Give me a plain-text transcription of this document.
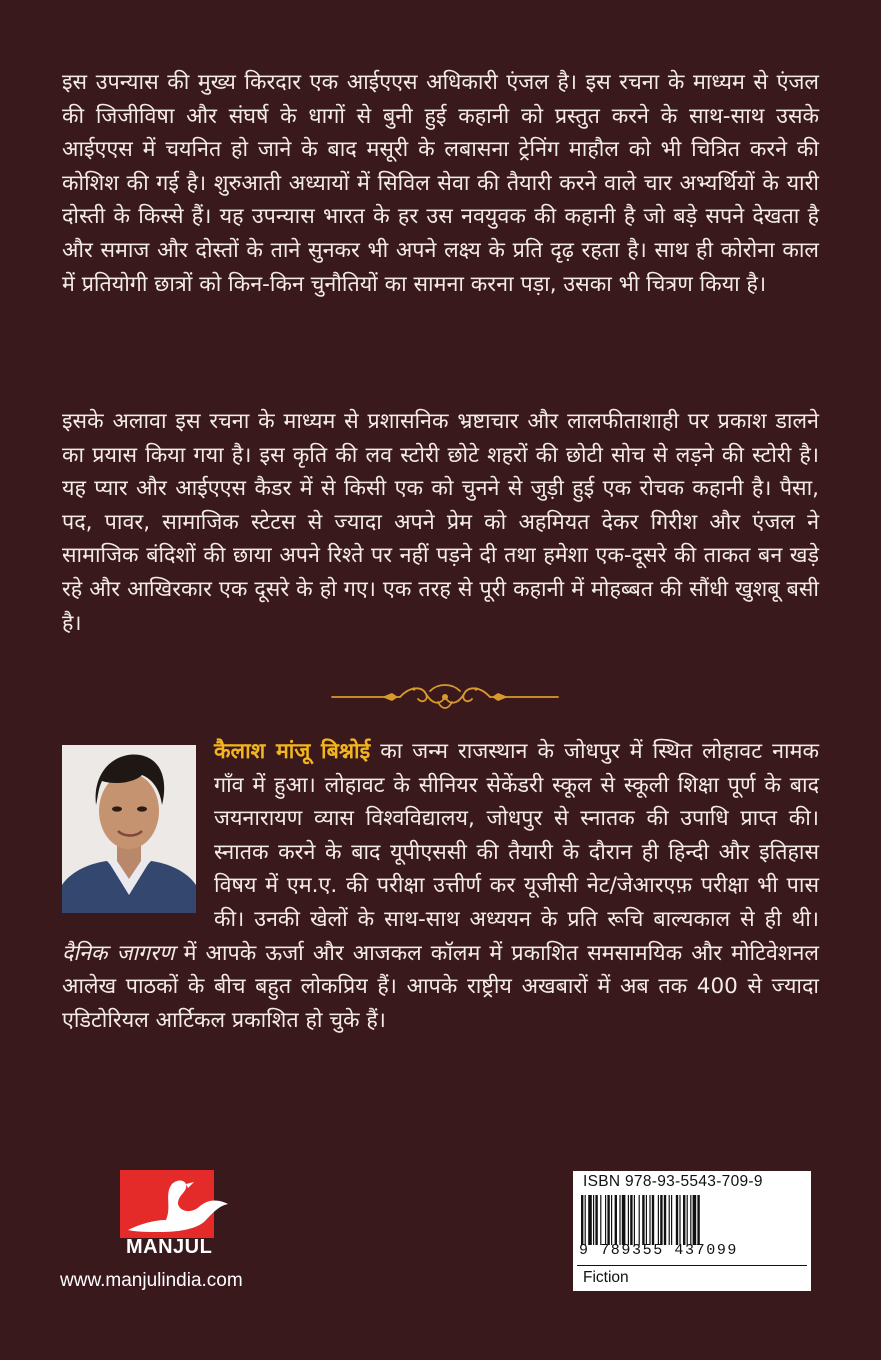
इस उपन्यास की मुख्य किरदार एक आईएएस अधिकारी एंजल है। इस रचना के माध्यम से एंजल की जिजीविषा और संघर्ष के धागों से बुनी हुई कहानी को प्रस्तुत करने के साथ-साथ उसके आईएएस में चयनित हो जाने के बाद मसूरी के लबासना ट्रेनिंग माहौल को भी चित्रित करने की कोशिश की गई है। शुरुआती अध्यायों में सिविल सेवा की तैयारी करने वाले चार अभ्यर्थियों के यारी दोस्ती के किस्से हैं। यह उपन्यास भारत के हर उस नवयुवक की कहानी है जो बड़े सपने देखता है और समाज और दोस्तों के ताने सुनकर भी अपने लक्ष्य के प्रति दृढ़ रहता है। साथ ही कोरोना काल में प्रतियोगी छात्रों को किन-किन चुनौतियों का सामना करना पड़ा, उसका भी चित्रण किया है।

इसके अलावा इस रचना के माध्यम से प्रशासनिक भ्रष्टाचार और लालफीताशाही पर प्रकाश डालने का प्रयास किया गया है। इस कृति की लव स्टोरी छोटे शहरों की छोटी सोच से लड़ने की स्टोरी है। यह प्यार और आईएएस कैडर में से किसी एक को चुनने से जुड़ी हुई एक रोचक कहानी है। पैसा, पद, पावर, सामाजिक स्टेटस से ज्यादा अपने प्रेम को अहमियत देकर गिरीश और एंजल ने सामाजिक बंदिशों की छाया अपने रिश्ते पर नहीं पड़ने दी तथा हमेशा एक-दूसरे की ताकत बन खड़े रहे और आखिरकार एक दूसरे के हो गए। एक तरह से पूरी कहानी में मोहब्बत की सौंधी खुशबू बसी है।

कैलाश मांजू बिश्नोई का जन्म राजस्थान के जोधपुर में स्थित लोहावट नामक गाँव में हुआ। लोहावट के सीनियर सेकेंडरी स्कूल से स्कूली शिक्षा पूर्ण के बाद जयनारायण व्यास विश्वविद्यालय, जोधपुर से स्नातक की उपाधि प्राप्त की। स्नातक करने के बाद यूपीएससी की तैयारी के दौरान ही हिन्दी और इतिहास विषय में एम.ए. की परीक्षा उत्तीर्ण कर यूजीसी नेट/जेआरएफ़ परीक्षा भी पास की। उनकी खेलों के साथ-साथ अध्ययन के प्रति रूचि बाल्यकाल से ही थी। दैनिक जागरण में आपके ऊर्जा और आजकल कॉलम में प्रकाशित समसामयिक और मोटिवेशनल आलेख पाठकों के बीच बहुत लोकप्रिय हैं। आपके राष्ट्रीय अखबारों में अब तक 400 से ज्यादा एडिटोरियल आर्टिकल प्रकाशित हो चुके हैं।
MANJUL
www.manjulindia.com
ISBN 978-93-5543-709-9
9 789355 437099
Fiction
